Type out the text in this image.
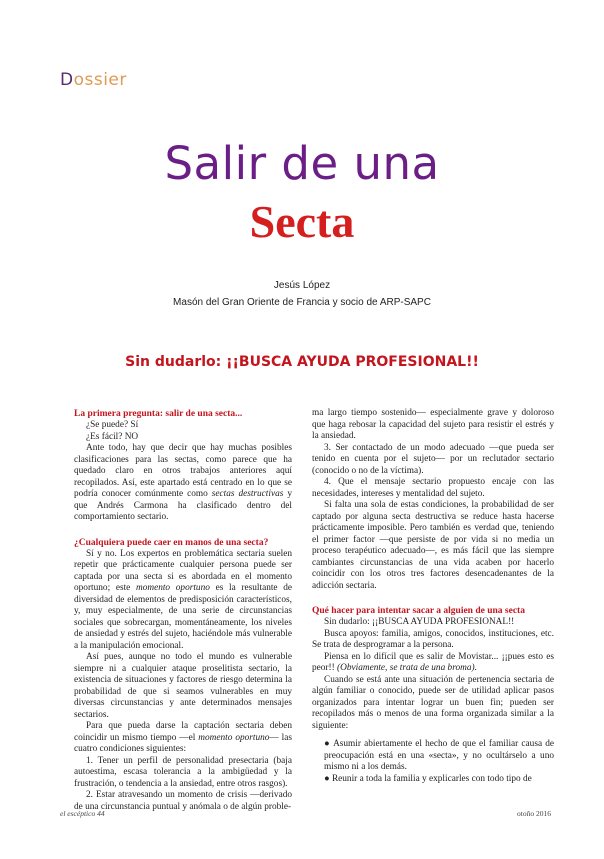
Dossier
Salir de una
Secta
Jesús López
Masón del Gran Oriente de Francia y socio de ARP-SAPC
Sin dudarlo: ¡¡BUSCA AYUDA PROFESIONAL!!
La primera pregunta: salir de una secta...

¿Se puede? Sí

¿Es fácil? NO

Ante todo, hay que decir que hay muchas posibles clasificaciones para las sectas, como parece que ha quedado claro en otros trabajos anteriores aquí recopilados. Así, este apartado está centrado en lo que se podría conocer comúnmente como sectas destructivas y que Andrés Carmona ha clasificado dentro del comportamiento sectario.

¿Cualquiera puede caer en manos de una secta?

Sí y no. Los expertos en problemática sectaria suelen repetir que prácticamente cualquier persona puede ser captada por una secta si es abordada en el momento oportuno; este momento oportuno es la resultante de diversidad de elementos de predisposición característicos, y, muy especialmente, de una serie de circunstancias sociales que sobrecargan, momentáneamente, los niveles de ansiedad y estrés del sujeto, haciéndole más vulnerable a la manipulación emocional.

Así pues, aunque no todo el mundo es vulnerable siempre ni a cualquier ataque proselitista sectario, la existencia de situaciones y factores de riesgo determina la probabilidad de que si seamos vulnerables en muy diversas circunstancias y ante determinados mensajes sectarios.

Para que pueda darse la captación sectaria deben coincidir un mismo tiempo —el momento oportuno— las cuatro condiciones siguientes:

1. Tener un perfil de personalidad presectaria (baja autoestima, escasa tolerancia a la ambigüedad y la frustración, o tendencia a la ansiedad, entre otros rasgos).

2. Estar atravesando un momento de crisis —derivado de una circunstancia puntual y anómala o de algún proble-

ma largo tiempo sostenido— especialmente grave y doloroso que haga rebosar la capacidad del sujeto para resistir el estrés y la ansiedad.

3. Ser contactado de un modo adecuado —que pueda ser tenido en cuenta por el sujeto— por un reclutador sectario (conocido o no de la víctima).

4. Que el mensaje sectario propuesto encaje con las necesidades, intereses y mentalidad del sujeto.

Si falta una sola de estas condiciones, la probabilidad de ser captado por alguna secta destructiva se reduce hasta hacerse prácticamente imposible. Pero también es verdad que, teniendo el primer factor —que persiste de por vida si no media un proceso terapéutico adecuado—, es más fácil que las siempre cambiantes circunstancias de una vida acaben por hacerlo coincidir con los otros tres factores desencadenantes de la adicción sectaria.

Qué hacer para intentar sacar a alguien de una secta

Sin dudarlo: ¡¡BUSCA AYUDA PROFESIONAL!!

Busca apoyos: familia, amigos, conocidos, instituciones, etc. Se trata de desprogramar a la persona.

Piensa en lo difícil que es salir de Movistar... ¡¡pues esto es peor!! (Obviamente, se trata de una broma).

Cuando se está ante una situación de pertenencia sectaria de algún familiar o conocido, puede ser de utilidad aplicar pasos organizados para intentar lograr un buen fin; pueden ser recopilados más o menos de una forma organizada similar a la siguiente:

● Asumir abiertamente el hecho de que el familiar causa de preocupación está en una «secta», y no ocultárselo a uno mismo ni a los demás.

● Reunir a toda la familia y explicarles con todo tipo de

el escéptico 44	otoño 2016
